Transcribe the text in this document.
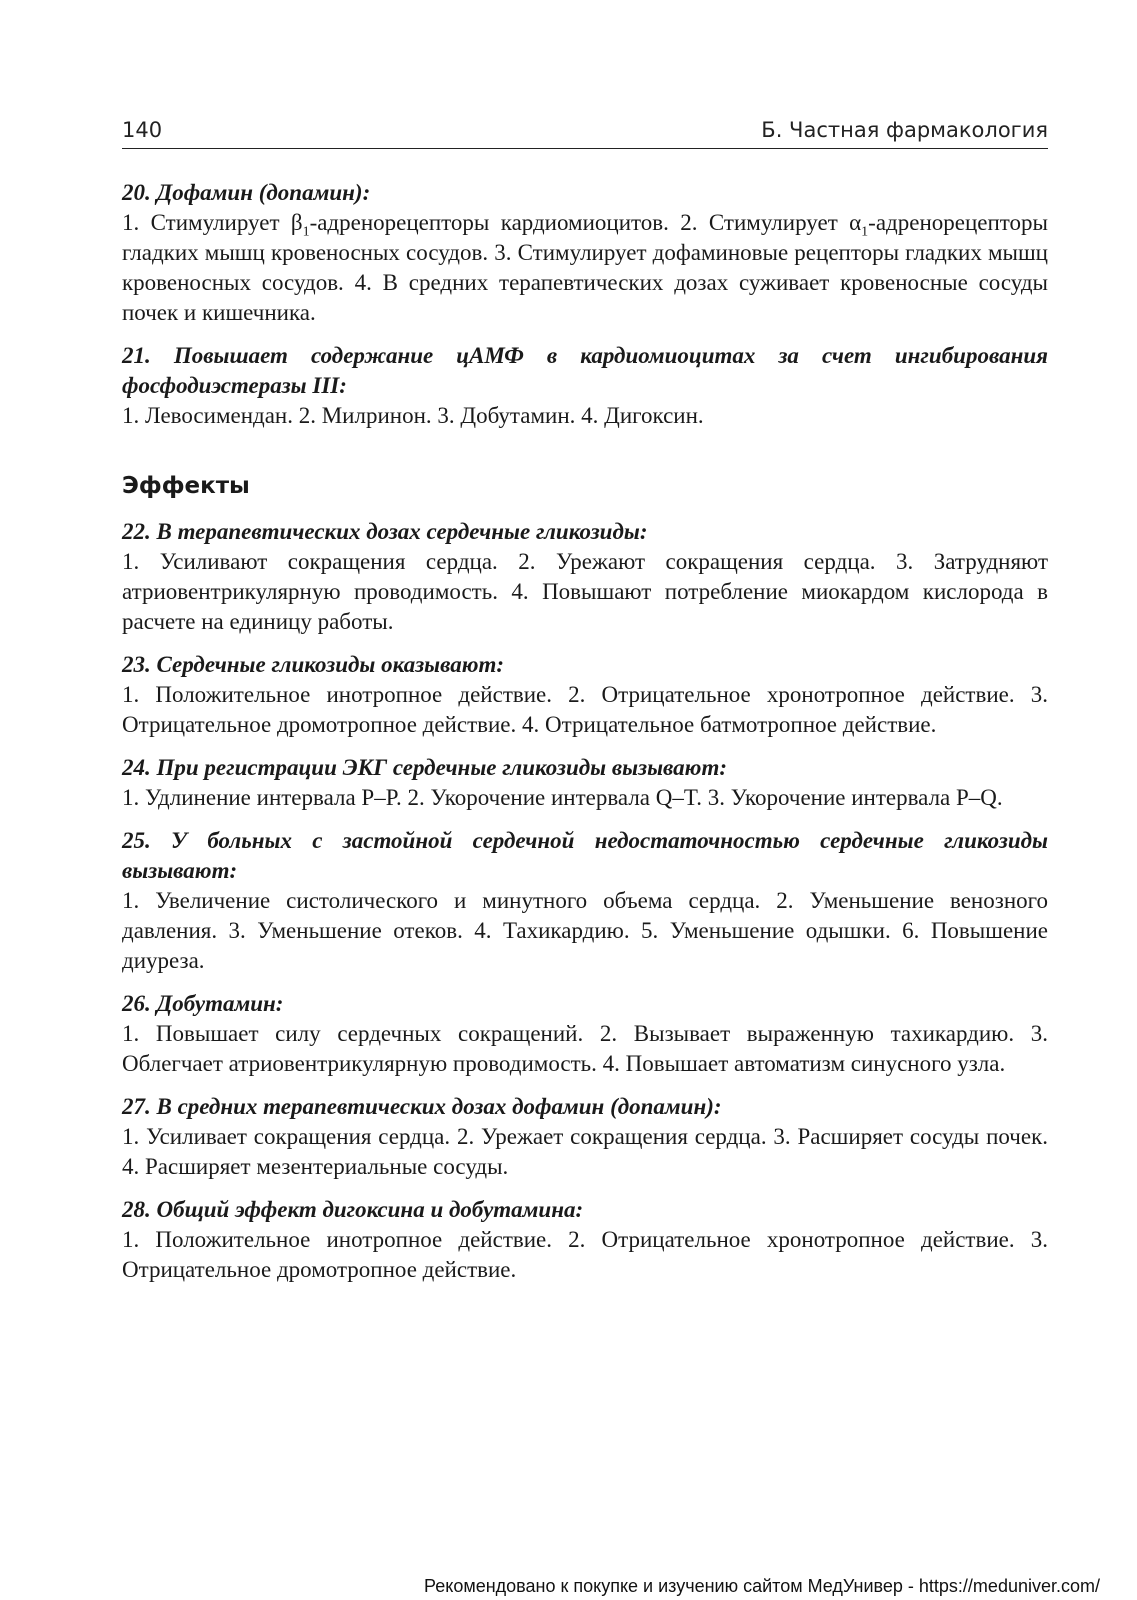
140	Б. Частная фармакология

20. Дофамин (допамин):

1. Стимулирует $\beta_1$-адренорецепторы кардиомиоцитов. 2. Стимулирует $\alpha_1$-адренорецепторы гладких мышц кровеносных сосудов. 3. Стимулирует дофаминовые рецепторы гладких мышц кровеносных сосудов. 4. В средних терапевтических дозах суживает кровеносные сосуды почек и кишечника.

21. Повышает содержание цАМФ в кардиомиоцитах за счет ингибирования фосфодиэстеразы III:

1. Левосимендан. 2. Милринон. 3. Добутамин. 4. Дигоксин.

Эффекты

22. В терапевтических дозах сердечные гликозиды:

1. Усиливают сокращения сердца. 2. Урежают сокращения сердца. 3. Затрудняют атриовентрикулярную проводимость. 4. Повышают потребление миокардом кислорода в расчете на единицу работы.

23. Сердечные гликозиды оказывают:

1. Положительное инотропное действие. 2. Отрицательное хронотропное действие. 3. Отрицательное дромотропное действие. 4. Отрицательное батмотропное действие.

24. При регистрации ЭКГ сердечные гликозиды вызывают:

1. Удлинение интервала P–P. 2. Укорочение интервала Q–T. 3. Укорочение интервала P–Q.

25. У больных с застойной сердечной недостаточностью сердечные гликозиды вызывают:

1. Увеличение систолического и минутного объема сердца. 2. Уменьшение венозного давления. 3. Уменьшение отеков. 4. Тахикардию. 5. Уменьшение одышки. 6. Повышение диуреза.

26. Добутамин:

1. Повышает силу сердечных сокращений. 2. Вызывает выраженную тахикардию. 3. Облегчает атриовентрикулярную проводимость. 4. Повышает автоматизм синусного узла.

27. В средних терапевтических дозах дофамин (допамин):

1. Усиливает сокращения сердца. 2. Урежает сокращения сердца. 3. Расширяет сосуды почек. 4. Расширяет мезентериальные сосуды.

28. Общий эффект дигоксина и добутамина:

1. Положительное инотропное действие. 2. Отрицательное хронотропное действие. 3. Отрицательное дромотропное действие.

Рекомендовано к покупке и изучению сайтом МедУнивер - https://meduniver.com/
